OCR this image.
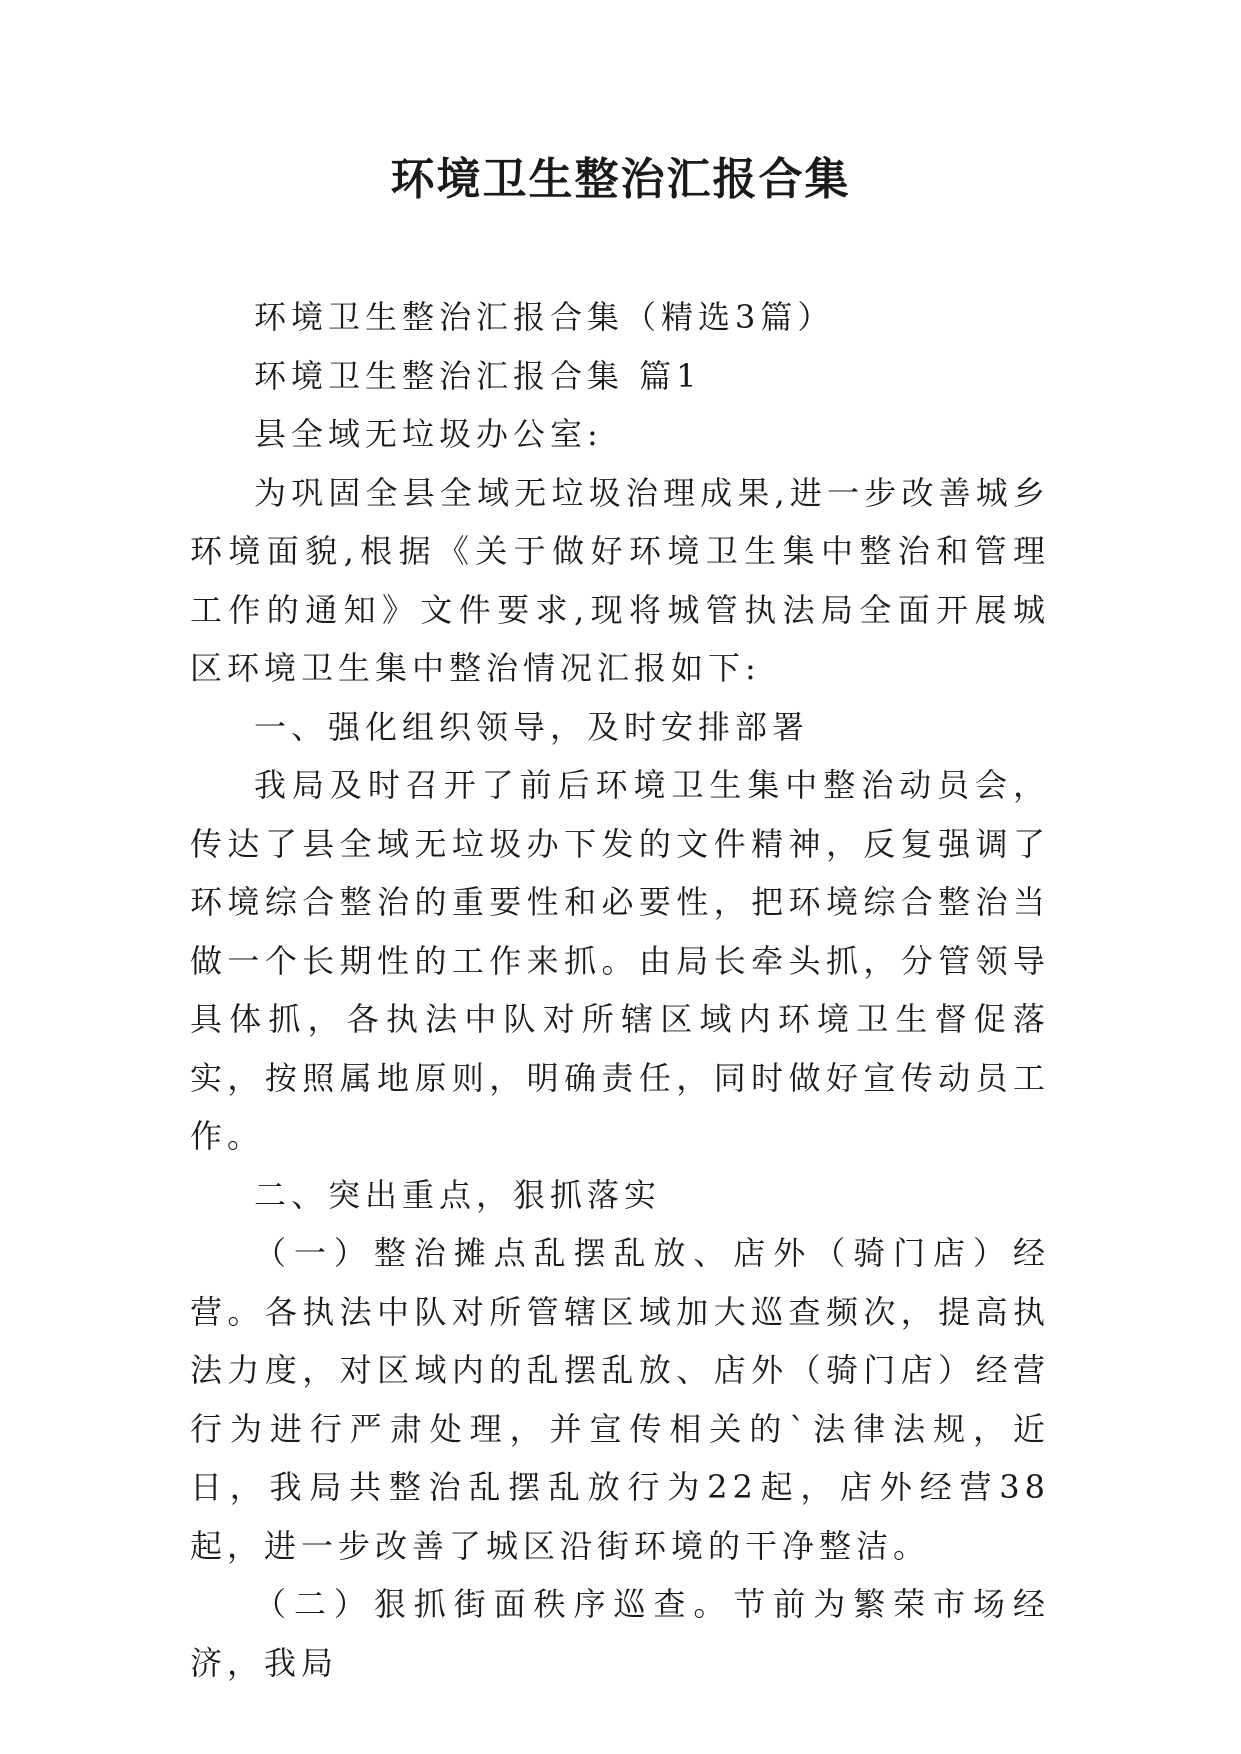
环境卫生整治汇报合集

环境卫生整治汇报合集（精选3篇）

环境卫生整治汇报合集 篇1

县全域无垃圾办公室:

为巩固全县全域无垃圾治理成果,进一步改善城乡环境面貌,根据《关于做好环境卫生集中整治和管理工作的通知》文件要求,现将城管执法局全面开展城区环境卫生集中整治情况汇报如下:

一、强化组织领导，及时安排部署

我局及时召开了前后环境卫生集中整治动员会，传达了县全域无垃圾办下发的文件精神，反复强调了环境综合整治的重要性和必要性，把环境综合整治当做一个长期性的工作来抓。由局长牵头抓，分管领导具体抓，各执法中队对所辖区域内环境卫生督促落实，按照属地原则，明确责任，同时做好宣传动员工作。

二、突出重点，狠抓落实

（一）整治摊点乱摆乱放、店外（骑门店）经营。各执法中队对所管辖区域加大巡查频次，提高执法力度，对区域内的乱摆乱放、店外（骑门店）经营行为进行严肃处理，并宣传相关的`法律法规，近日，我局共整治乱摆乱放行为22起，店外经营38起，进一步改善了城区沿街环境的干净整洁。

（二）狠抓街面秩序巡查。节前为繁荣市场经济，我局
